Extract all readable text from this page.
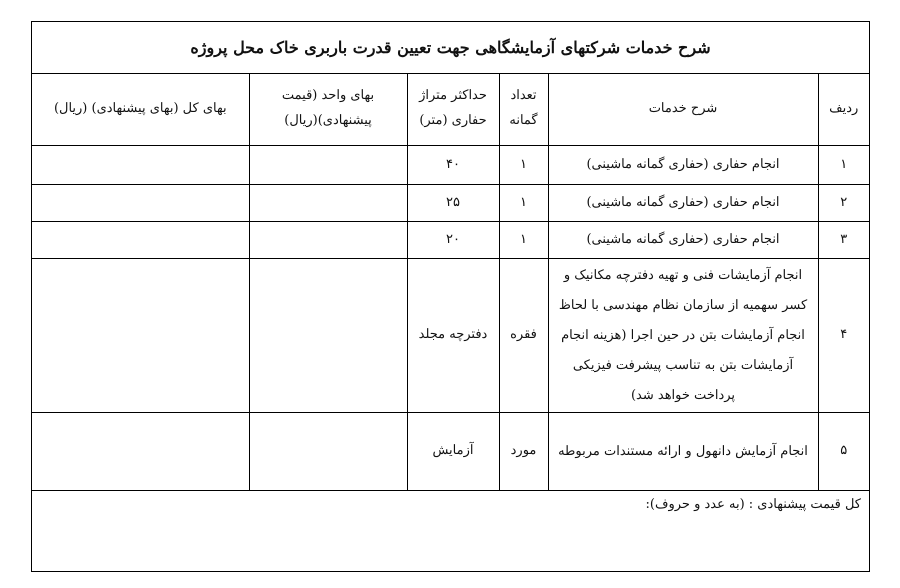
شرح خدمات شرکتهای آزمایشگاهی جهت تعیین قدرت باربری خاک محل پروژه
ردیف	شرح خدمات	تعداد گمانه	حداکثر متراژ حفاری (متر)	بهای واحد (قیمت پیشنهادی)(ریال)	بهای کل (بهای پیشنهادی) (ریال)
۱	انجام حفاری (حفاری گمانه ماشینی)	۱	۴۰		
۲	انجام حفاری (حفاری گمانه ماشینی)	۱	۲۵		
۳	انجام حفاری (حفاری گمانه ماشینی)	۱	۲۰		
۴	انجام آزمایشات فنی و تهیه دفترچه مکانیک و کسر سهمیه از سازمان نظام مهندسی با لحاظ انجام آزمایشات بتن در حین اجرا (هزینه انجام آزمایشات بتن به تناسب پیشرفت فیزیکی پرداخت خواهد شد)	فقره	دفترچه مجلد		
۵	انجام آزمایش دانهول و ارائه مستندات مربوطه	مورد	آزمایش		
کل قیمت پیشنهادی : (به عدد و حروف):
